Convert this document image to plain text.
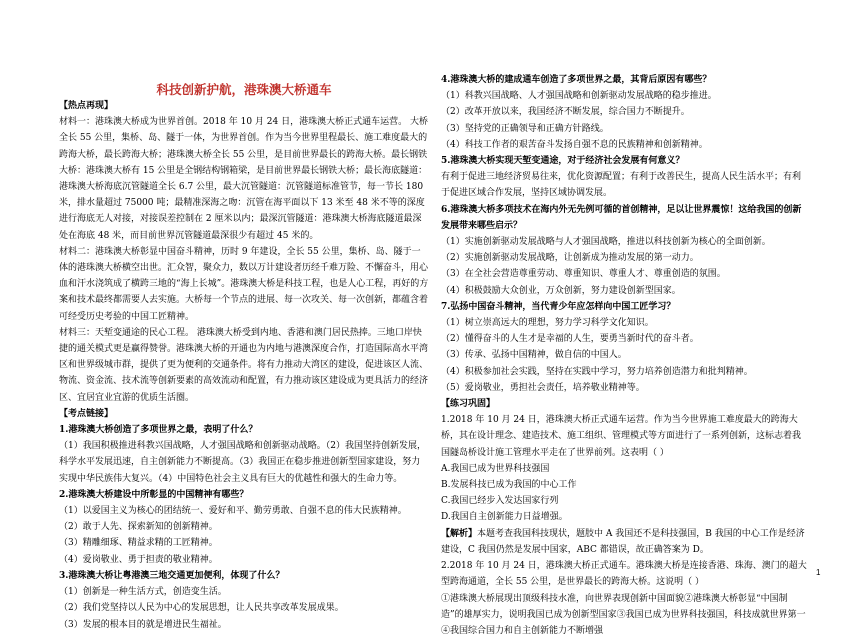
科技创新护航，港珠澳大桥通车

【热点再现】

材料一：港珠澳大桥成为世界首创。2018 年 10 月 24 日，港珠澳大桥正式通车运营。 大桥全长 55 公里，集桥、岛、隧于一体，为世界首创。作为当今世界里程最长、施工难度最大的跨海大桥，最长跨海大桥；港珠澳大桥全长 55 公里，是目前世界最长的跨海大桥。最长钢铁大桥：港珠澳大桥有 15 公里是全钢结构钢箱梁，是目前世界最长钢铁大桥；最长海底隧道：港珠澳大桥海底沉管隧道全长 6.7 公里，最大沉管隧道：沉管隧道标准管节，每一节长 180 米，排水量超过 75000 吨；最精准深海之吻：沉管在海平面以下 13 米至 48 米不等的深度进行海底无人对接，对接误差控制在 2 厘米以内；最深沉管隧道：港珠澳大桥海底隧道最深处在海底 48 米，而目前世界沉管隧道最深很少有超过 45 米的。

材料二：港珠澳大桥彰显中国奋斗精神，历时 9 年建设，全长 55 公里，集桥、岛、隧于一体的港珠澳大桥横空出世。汇众智，聚众力，数以万计建设者历经千难万险、不懈奋斗，用心血和汗水浇筑成了横跨三地的“海上长城”。港珠澳大桥是科技工程，也是人心工程，再好的方案和技术最终都需要人去实施。大桥每一个节点的进展、每一次攻关、每一次创新，都蕴含着可经受历史考验的中国工匠精神。

材料三：天堑变通途的民心工程。 港珠澳大桥受到内地、香港和澳门居民热捧。三地口岸快捷的通关模式更是赢得赞誉。港珠澳大桥的开通也为内地与港澳深度合作，打造国际高水平湾区和世界级城市群，提供了更为便利的交通条件。将有力推动大湾区的建设，促进该区人流、物流、资金流、技术流等创新要素的高效流动和配置，有力推动该区建设成为更具活力的经济区、宜居宜业宜游的优质生活圈。

【考点链接】

1.港珠澳大桥创造了多项世界之最，表明了什么？

（1）我国积极推进科教兴国战略，人才强国战略和创新驱动战略。（2）我国坚持创新发展，科学水平发展迅速，自主创新能力不断提高。（3）我国正在稳步推进创新型国家建设，努力实现中华民族伟大复兴。（4）中国特色社会主义具有巨大的优越性和强大的生命力等。

2.港珠澳大桥建设中所彰显的中国精神有哪些？

（1）以爱国主义为核心的团结统一、爱好和平、勤劳勇敢、自强不息的伟大民族精神。

（2）敢于人先、探索新知的创新精神。

（3）精雕细琢、精益求精的工匠精神。

（4）爱岗敬业、勇于担责的敬业精神。

3.港珠澳大桥让粤港澳三地交通更加便利，体现了什么？

（1）创新是一种生活方式，创造变生活。

（2）我们党坚持以人民为中心的发展思想，让人民共享改革发展成果。

（3）发展的根本目的就是增进民生福祉。

4.港珠澳大桥的建成通车创造了多项世界之最，其背后原因有哪些？

（1）科教兴国战略、人才强国战略和创新驱动发展战略的稳步推进。

（2）改革开放以来，我国经济不断发展，综合国力不断提升。

（3）坚持党的正确领导和正确方针路线。

（4）科技工作者的艰苦奋斗发扬自强不息的民族精神和创新精神。

5.港珠澳大桥实现天堑变通途，对于经济社会发展有何意义？

有利于促进三地经济贸易往来，优化资源配置；有利于改善民生，提高人民生活水平；有利于促进区域合作发展，坚持区域协调发展。

6.港珠澳大桥多项技术在海内外无先例可循的首创精神，足以让世界震惊！这给我国的创新发展带来哪些启示？

（1）实施创新驱动发展战略与人才强国战略，推进以科技创新为核心的全面创新。

（2）实施创新驱动发展战略，让创新成为推动发展的第一动力。

（3）在全社会营造尊重劳动、尊重知识、尊重人才、尊重创造的氛围。

（4）积极鼓励大众创业，万众创新，努力建设创新型国家。

7.弘扬中国奋斗精神，当代青少年应怎样向中国工匠学习？

（1）树立崇高远大的理想，努力学习科学文化知识。

（2）懂得奋斗的人生才是幸福的人生，要勇当新时代的奋斗者。

（3）传承、弘扬中国精神，做自信的中国人。

（4）积极参加社会实践，坚持在实践中学习，努力培养创造潜力和批判精神。

（5）爱岗敬业，勇担社会责任，培养敬业精神等。

【练习巩固】

1.2018 年 10 月 24 日，港珠澳大桥正式通车运营。作为当今世界施工难度最大的跨海大桥，其在设计理念、建造技术、施工组织、管理模式等方面进行了一系列创新，这标志着我国隧岛桥设计施工管理水平走在了世界前列。这表明（ ）

A.我国已成为世界科技强国

B.发展科技已成为我国的中心工作

C.我国已经步入发达国家行列

D.我国自主创新能力日益增强。

【解析】本题考查我国科技现状，题肢中 A 我国还不是科技强国，B 我国的中心工作是经济建设，C 我国仍然是发展中国家，ABC 都错误，故正确答案为 D。

2.2018 年 10 月 24 日，港珠澳大桥正式通车。港珠澳大桥是连接香港、珠海、澳门的超大型跨海通道，全长 55 公里，是世界最长的跨海大桥。这说明（ ）

①港珠澳大桥展现出顶级科技水准，向世界表现创新中国面貌②港珠澳大桥彰显“中国制造”的雄厚实力，说明我国已成为创新型国家③我国已成为世界科技强国，科技成就世界第一④我国综合国力和自主创新能力不断增强

1
